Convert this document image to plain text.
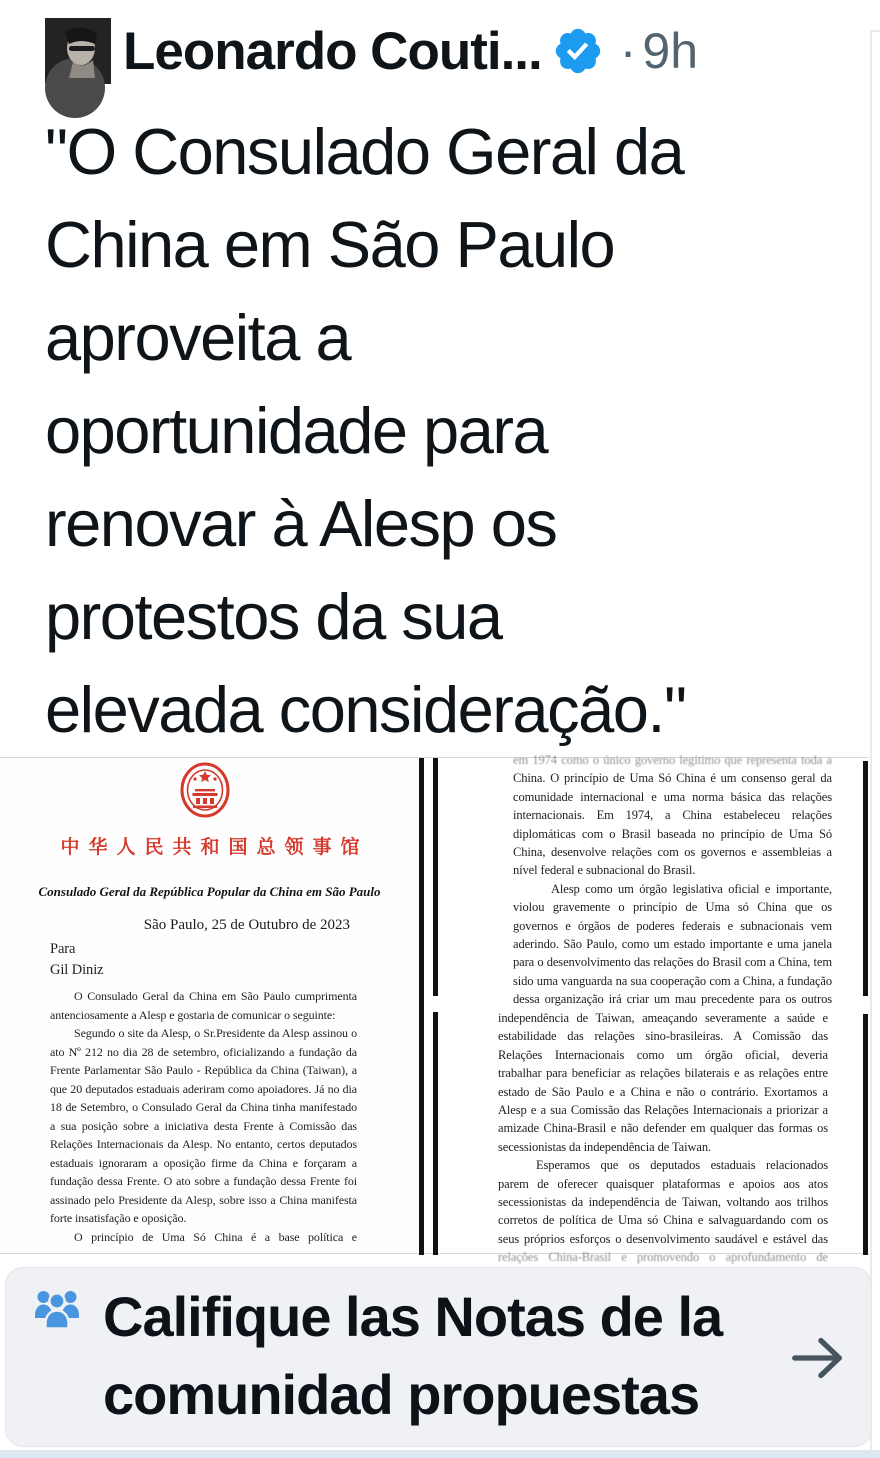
Leonardo Couti... · 9h
"O Consulado Geral da
China em São Paulo
aproveita a
oportunidade para
renovar à Alesp os
protestos da sua
elevada consideração."
中华人民共和国总领事馆
Consulado Geral da República Popular da China em São Paulo
São Paulo, 25 de Outubro de 2023
Para
Gil Diniz
O Consulado Geral da China em São Paulo cumprimenta
antenciosamente a Alesp e gostaria de comunicar o seguinte:
Segundo o site da Alesp, o Sr.Presidente da Alesp assinou o
ato Nº 212 no dia 28 de setembro, oficializando a fundação da
Frente Parlamentar São Paulo - República da China (Taiwan), a
que 20 deputados estaduais aderiram como apoiadores. Já no dia
18 de Setembro, o Consulado Geral da China tinha manifestado
a sua posição sobre a iniciativa desta Frente à Comissão das
Relações Internacionais da Alesp. No entanto, certos deputados
estaduais ignoraram a oposição firme da China e forçaram a
fundação dessa Frente. O ato sobre a fundação dessa Frente foi
assinado pelo Presidente da Alesp, sobre isso a China manifesta
forte insatisfação e oposição.
O princípio de Uma Só China é a base política e
em 1974 como o único governo legítimo que representa toda a
China. O princípio de Uma Só China é um consenso geral da
comunidade internacional e uma norma básica das relações
internacionais. Em 1974, a China estabeleceu relações
diplomáticas com o Brasil baseada no princípio de Uma Só
China, desenvolve relações com os governos e assembleias a
nível federal e subnacional do Brasil.
Alesp como um órgão legislativa oficial e importante,
violou gravemente o princípio de Uma só China que os
governos e órgãos de poderes federais e subnacionais vem
aderindo. São Paulo, como um estado importante e uma janela
para o desenvolvimento das relações do Brasil com a China, tem
sido uma vanguarda na sua cooperação com a China, a fundação
dessa organização irá criar um mau precedente para os outros
independência de Taiwan, ameaçando severamente a saúde e
estabilidade das relações sino-brasileiras. A Comissão das
Relações Internacionais como um órgão oficial, deveria
trabalhar para beneficiar as relações bilaterais e as relações entre
estado de São Paulo e a China e não o contrário. Exortamos a
Alesp e a sua Comissão das Relações Internacionais a priorizar a
amizade China-Brasil e não defender em qualquer das formas os
secessionistas da independência de Taiwan.
Esperamos que os deputados estaduais relacionados
parem de oferecer quaisquer plataformas e apoios aos atos
secessionistas da independência de Taiwan, voltando aos trilhos
corretos de política de Uma só China e salvaguardando com os
seus próprios esforços o desenvolvimento saudável e estável das
relações China-Brasil e promovendo o aprofundamento de
Califique las Notas de la
comunidad propuestas
